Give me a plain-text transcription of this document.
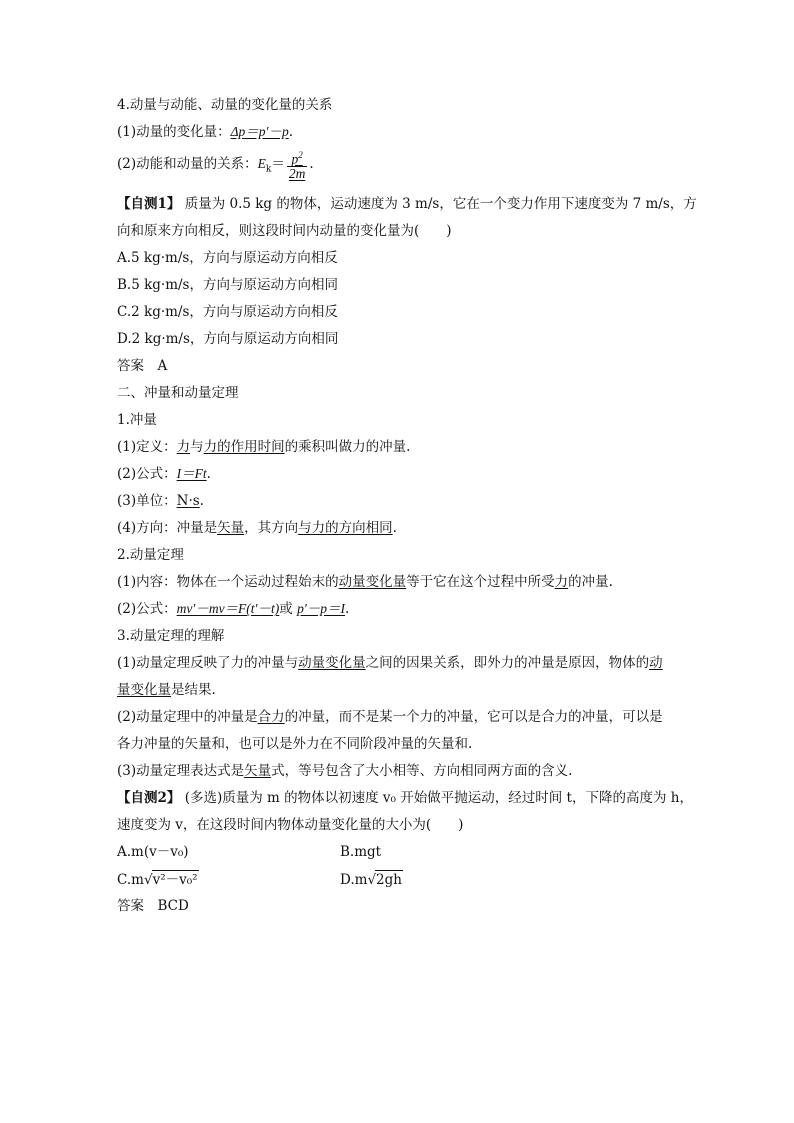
4.动量与动能、动量的变化量的关系
(1)动量的变化量：Δp＝p′－p.
(2)动能和动量的关系：$E_k= \frac{p^2}{2m}$ .
【自测1】 质量为 0.5 kg 的物体，运动速度为 3 m/s，它在一个变力作用下速度变为 7 m/s，方
向和原来方向相反，则这段时间内动量的变化量为(　　)
A.5 kg·m/s，方向与原运动方向相反
B.5 kg·m/s，方向与原运动方向相同
C.2 kg·m/s，方向与原运动方向相反
D.2 kg·m/s，方向与原运动方向相同
答案　A
二、冲量和动量定理
1.冲量
(1)定义：力与力的作用时间的乘积叫做力的冲量.
(2)公式：I＝Ft.
(3)单位：N·s.
(4)方向：冲量是矢量，其方向与力的方向相同.
2.动量定理
(1)内容：物体在一个运动过程始末的动量变化量等于它在这个过程中所受力的冲量.
(2)公式：mv′－mv＝F(t′－t)或 p′－p＝I.
3.动量定理的理解
(1)动量定理反映了力的冲量与动量变化量之间的因果关系，即外力的冲量是原因，物体的动
量变化量是结果.
(2)动量定理中的冲量是合力的冲量，而不是某一个力的冲量，它可以是合力的冲量，可以是
各力冲量的矢量和，也可以是外力在不同阶段冲量的矢量和.
(3)动量定理表达式是矢量式，等号包含了大小相等、方向相同两方面的含义.
【自测2】 (多选)质量为 m 的物体以初速度 v₀ 开始做平抛运动，经过时间 t，下降的高度为 h，
速度变为 v，在这段时间内物体动量变化量的大小为(　　)
A.m(v－v₀)	B.mgt
C.m√v²－v₀²	D.m√2gh
答案　BCD
